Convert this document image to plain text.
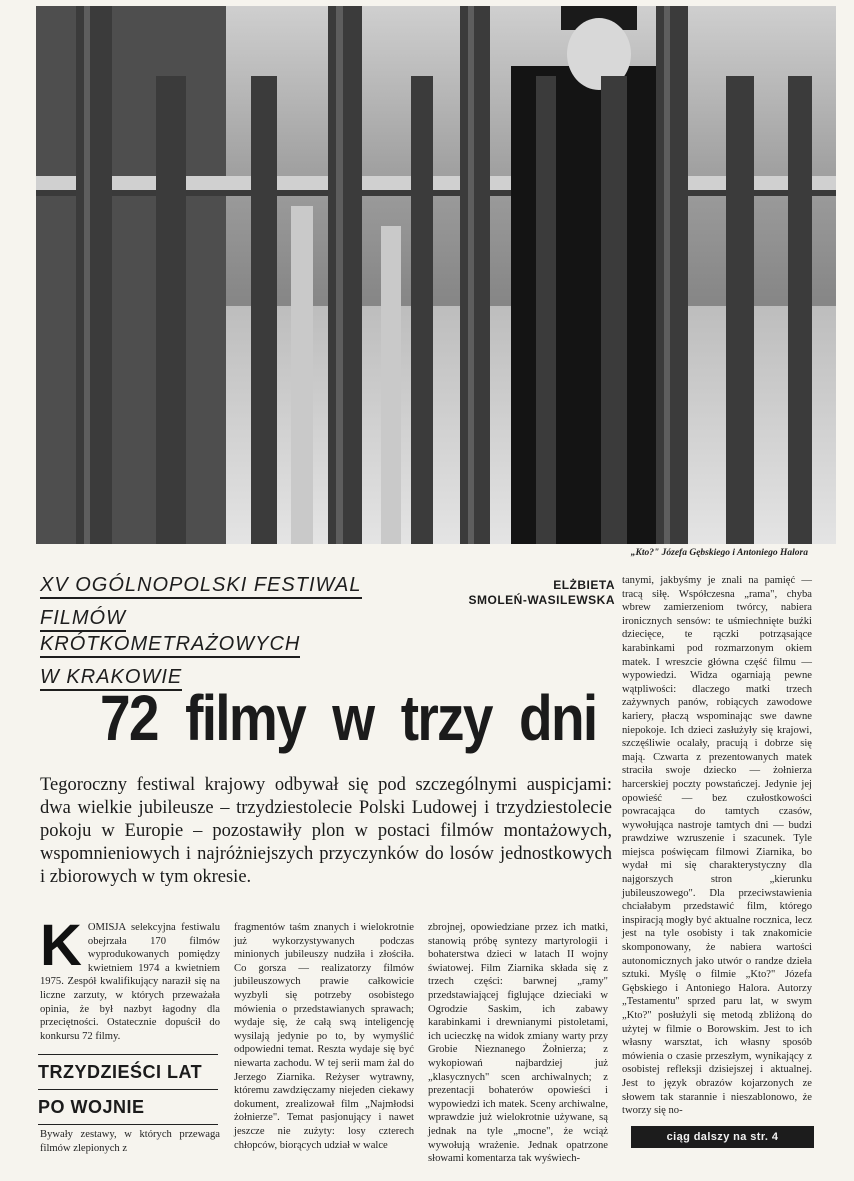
„Kto?" Józefa Gębskiego i Antoniego Halora
XV OGÓLNOPOLSKI FESTIWAL
FILMÓW KRÓTKOMETRAŻOWYCH
W KRAKOWIE
ELŻBIETA
SMOLEŃ-WASILEWSKA
72 filmy w trzy dni

Tegoroczny festiwal krajowy odbywał się pod szczególnymi auspicjami: dwa wielkie jubileusze – trzydziestolecie Polski Ludowej i trzydziestolecie pokoju w Europie – pozostawiły plon w postaci filmów montażowych, wspomnieniowych i najróżniejszych przyczynków do losów jednostkowych i zbiorowych w tym okresie.

KOMISJA selekcyjna festiwalu obejrzała 170 filmów wyprodukowanych pomiędzy kwietniem 1974 a kwietniem 1975. Zespół kwalifikujący naraził się na liczne zarzuty, w których przeważała opinia, że był nazbyt łagodny dla przeciętności. Ostatecznie dopuścił do konkursu 72 filmy.

TRZYDZIEŚCI LAT
PO WOJNIE

Bywały zestawy, w których przewaga filmów zlepionych z

fragmentów taśm znanych i wielokrotnie już wykorzystywanych podczas minionych jubileuszy nudziła i złościła. Co gorsza — realizatorzy filmów jubileuszowych prawie całkowicie wyzbyli się potrzeby osobistego mówienia o przedstawianych sprawach; wydaje się, że całą swą inteligencję wysilają jedynie po to, by wymyślić odpowiedni temat. Reszta wydaje się być niewarta zachodu. W tej serii mam żal do Jerzego Ziarnika. Reżyser wytrawny, któremu zawdzięczamy niejeden ciekawy dokument, zrealizował film „Najmłodsi żołnierze". Temat pasjonujący i nawet jeszcze nie zużyty: losy czterech chłopców, biorących udział w walce

zbrojnej, opowiedziane przez ich matki, stanowią próbę syntezy martyrologii i bohaterstwa dzieci w latach II wojny światowej. Film Ziarnika składa się z trzech części: barwnej „ramy" przedstawiającej figlujące dzieciaki w Ogrodzie Saskim, ich zabawy karabinkami i drewnianymi pistoletami, ich ucieczkę na widok zmiany warty przy Grobie Nieznanego Żołnierza; z wykopiowań najbardziej już „klasycznych" scen archiwalnych; z prezentacji bohaterów opowieści i wypowiedzi ich matek. Sceny archiwalne, wprawdzie już wielokrotnie używane, są jednak na tyle „mocne", że wciąż wywołują wrażenie. Jednak opatrzone słowami komentarza tak wyświech-

tanymi, jakbyśmy je znali na pamięć — tracą siłę. Współczesna „rama", chyba wbrew zamierzeniom twórcy, nabiera ironicznych sensów: te uśmiechnięte buźki dziecięce, te rączki potrząsające karabinkami pod rozmarzonym okiem matek. I wreszcie główna część filmu — wypowiedzi. Widza ogarniają pewne wątpliwości: dlaczego matki trzech zażywnych panów, robiących zawodowe kariery, płaczą wspominając swe dawne niepokoje. Ich dzieci zasłużyły się krajowi, szczęśliwie ocalały, pracują i dobrze się mają. Czwarta z prezentowanych matek straciła swoje dziecko — żołnierza harcerskiej poczty powstańczej. Jedynie jej opowieść — bez czułostkowości powracająca do tamtych czasów, wywołująca nastroje tamtych dni — budzi prawdziwe wzruszenie i szacunek. Tyle miejsca poświęcam filmowi Ziarnika, bo wydał mi się charakterystyczny dla najgorszych stron „kierunku jubileuszowego". Dla przeciwstawienia chciałabym przedstawić film, którego inspiracją mogły być aktualne rocznica, lecz jest na tyle osobisty i tak znakomicie skomponowany, że nabiera wartości autonomicznych jako utwór o randze dzieła sztuki. Myślę o filmie „Kto?" Józefa Gębskiego i Antoniego Halora. Autorzy „Testamentu" sprzed paru lat, w swym „Kto?" posłużyli się metodą zbliżoną do użytej w filmie o Borowskim. Jest to ich własny warsztat, ich własny sposób mówienia o czasie przeszłym, wynikający z osobistej refleksji dzisiejszej i aktualnej. Jest to język obrazów kojarzonych ze słowem tak starannie i nieszablonowo, że tworzy się no-

ciąg dalszy na str. 4
